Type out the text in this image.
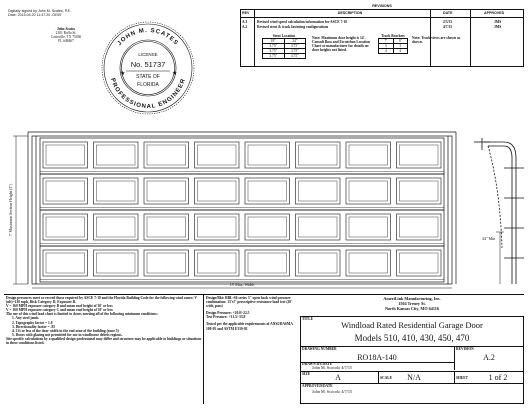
Digitally signed by John M. Scates, P.E.
Date: 2015.04.20 11:47:20 -05'00'
John Scates
2101 Rollo St.
Cartsville, TX 75036
FL #48467	JOHN M. SCATES
PROFESSIONAL ENGINEER
LICENSE
No. 51737
STATE OF
FLORIDA
★	★
REVISIONS
REV	DESCRIPTION	DATE	APPROVED
A.1	Revised wind speed calculation information for ASCE 7-10	2/3/15	JMS
A.2	Revised strut & track fastening configurations	4/7/15	JMS
Strut Location
18"	24"
3.75"	3.75"
3.75"	3.75"
3.75"	3.75"
Note: Maximum door height is 14'. Consult Boss and Escutchon Location Chart or manufacturer for details on door heights not listed.
Track Brackets
7'	8'
3	3
4	4
Note: Track views are shown as shown.
7' Maximum Section Height (3")
13' Max. Width
34" Min
Design pressures meet or exceed those required by ASCE 7-10 and the Florida Building Code for the following wind zones: V (ult)=130 mph, Risk Category II, Exposure B.
V = 160 MPH exposure category B and mean roof height of 30' or less
V = 160 MPH exposure category C and mean roof height of 30' or less
The use of this wind load chart is limited to doors meeting all of the following minimum conditions:
1. Any steel jamb.
2. Topography factor = 1.0
3. Directionality factor = .85
4. 2 ft or less of the door width in the end zone of the building (zone 5)
5. Doors with glazing not permitted for use in windborne debris regions.
Site specific calculations by a qualified design professional may differ and structure may be applicable to buildings or situations in these conditions listed.
Design/Bkt: RBL-S6 series 3" open back wind pressure combination: 13'x7' prescriptive resistance load test (20' wide, pass)
Design Pressure: +20.0/-22.5
Test Pressure: +31.5/-33.8
Tested per the applicable requirements of ANSI/DASMA 108-05 and ASTM E330-02
AmeriLink Manufacturing, Inc.
1504 Treney St.
North Kansas City, MO 64116
TITLE
Windload Rated Residential Garage Door
Models 510, 410, 430, 450, 470
DRAWING NUMBER	REVISION
RO18A-140	A.2
DRAWN BY/DATE
John M. Scocolo 4/7/15
SIZE	A	SCALE	N/A	SHEET	1 of 2
APPROVED/DATE
John M. Scocolo 4/7/15
